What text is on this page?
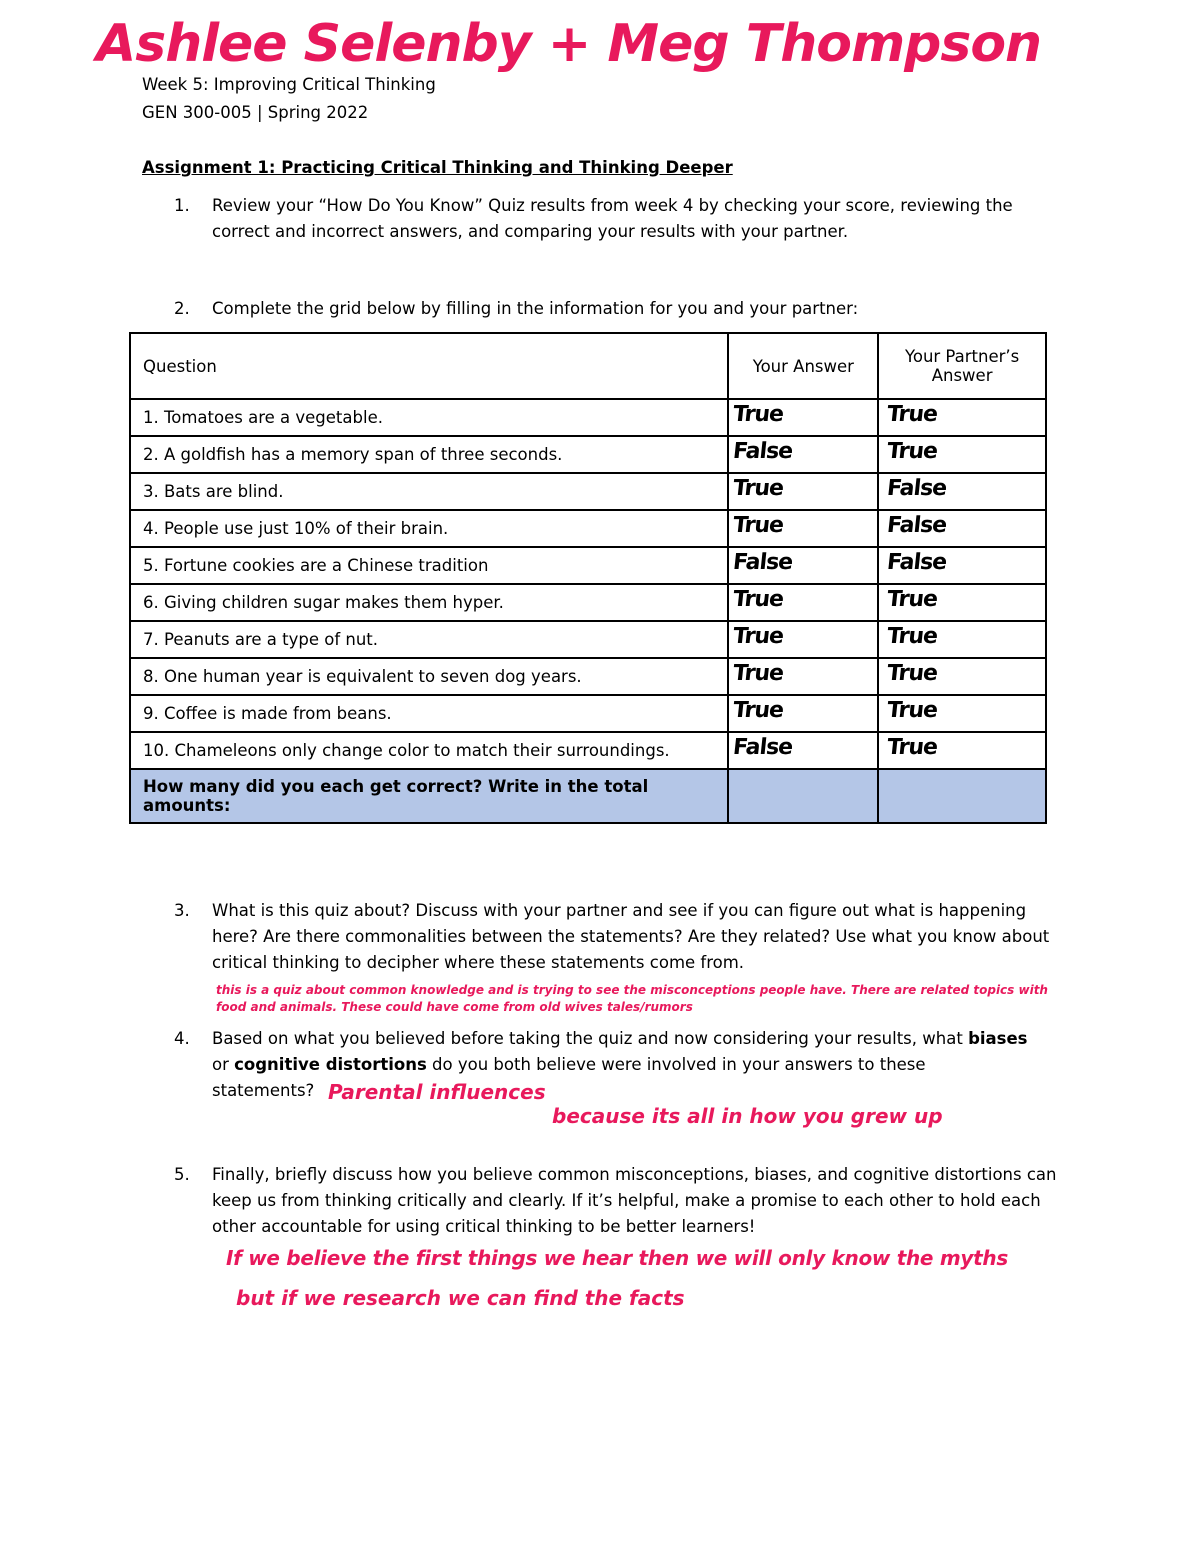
Ashlee Selenby + Meg Thompson
Week 5: Improving Critical Thinking
GEN 300-005 | Spring 2022
Assignment 1: Practicing Critical Thinking and Thinking Deeper
1. Review your “How Do You Know” Quiz results from week 4 by checking your score, reviewing the correct and incorrect answers, and comparing your results with your partner.
2. Complete the grid below by filling in the information for you and your partner:
Question	Your Answer	Your Partner’s Answer
1. Tomatoes are a vegetable.	True	True

2. A goldfish has a memory span of three seconds.	False	True

3. Bats are blind.	True	False

4. People use just 10% of their brain.	True	False

5. Fortune cookies are a Chinese tradition	False	False

6. Giving children sugar makes them hyper.	True	True

7. Peanuts are a type of nut.	True	True

8. One human year is equivalent to seven dog years.	True	True

9. Coffee is made from beans.	True	True

10. Chameleons only change color to match their surroundings.	False	True

How many did you each get correct? Write in the total amounts:		
3. What is this quiz about? Discuss with your partner and see if you can figure out what is happening here? Are there commonalities between the statements? Are they related? Use what you know about critical thinking to decipher where these statements come from.
this is a quiz about common knowledge and is trying to see the misconceptions people have. There are related topics with food and animals. These could have come from old wives tales/rumors
4. Based on what you believed before taking the quiz and now considering your results, what biases or cognitive distortions do you both believe were involved in your answers to these statements? Parental influences
because its all in how you grew up
5. Finally, briefly discuss how you believe common misconceptions, biases, and cognitive distortions can keep us from thinking critically and clearly. If it’s helpful, make a promise to each other to hold each other accountable for using critical thinking to be better learners!
If we believe the first things we hear then we will only know the myths
but if we research we can find the facts
